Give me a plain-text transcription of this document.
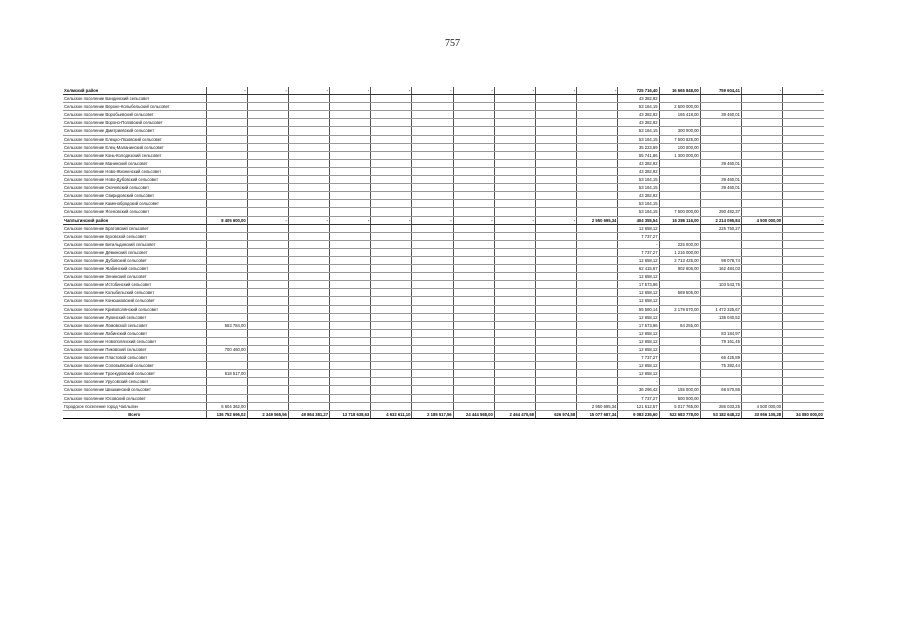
757
Холмский район	-	-	-	-	-	-	-	-	-	-	725 716,40	16 665 848,00	759 604,41	-	-
Сельское поселение Бандинский сельсовет											43 382,92				
Сельское поселение Верхне-Колыбельский сельсовет											53 164,15	2 500 000,00			
Сельское поселение Воробьевский сельсовет											43 382,92	165 418,00	39 460,01		
Сельское поселение Вороно-Поповский сельсовет											43 382,92				
Сельское поселение Дмитриевский сельсовет											53 164,15	300 000,00			
Сельское поселение Елецко-Лозовский сельсовет											53 164,15	7 500 625,00			
Сельское поселение Елец-Маланинский сельсовет											35 223,69	100 000,00			
Сельское поселение Конь-Колодезский сельсовет											55 741,86	1 300 000,00			
Сельское поселение Манинский сельсовет											43 382,92		39 460,01		
Сельское поселение Ново-Жизненский сельсовет											43 382,92				
Сельское поселение Ново-Дубовский сельсовет											53 164,15		39 460,01		
Сельское поселение Охочевский сельсовет											53 164,15		39 460,01		
Сельское поселение Свиридовский сельсовет											43 382,92				
Сельское поселение Каменобродский сельсовет											53 164,15				
Сельское поселение Ясеновский сельсовет											53 164,15	7 500 000,00	290 482,37		
Чаплыгинский район	8 405 600,00	-	-	-	-	-	-	-	-	2 950 695,34	404 355,54	16 286 116,00	2 214 095,84	4 500 000,00	-
Сельское поселение Братовский сельсовет											12 658,12		225 750,27		
Сельское поселение Буховской сельсовет											7 737,27				
Сельское поселение Бигильдинский сельсовет											-	225 000,00			
Сельское поселение Дёминский сельсовет											7 737,27	1 216 000,00			
Сельское поселение Дубовский сельсовет											12 658,12	2 713 425,00	98 078,74		
Сельское поселение Жабинский сельсовет											62 415,67	902 606,00	162 484,03		
Сельское поселение Зенинский сельсовет											12 658,12				
Сельское поселение Истобинский сельсовет											17 573,96		103 543,75		
Сельское поселение Колыбельский сельсовет											12 658,12	569 505,00			
Сельское поселение Конюшковский сельсовет											12 658,12				
Сельское поселение Кривополянский сельсовет											55 560,14	2 179 570,00	1 472 325,67		
Сельское поселение Лукинский сельсовет											12 658,12		136 040,52		
Сельское поселение Ломовской сельсовет	553 784,00										17 573,96	84 255,00			
Сельское поселение Лабинский сельсовет											12 658,12		83 184,97		
Сельское поселение Новополянский сельсовет											12 658,12		79 161,45		
Сельское поселение Пиковский сельсовет	700 460,00										12 658,12				
Сельское поселение Пластовой сельсовет											7 737,27		66 425,89		
Сельское поселение Соловьёвский сельсовет											12 658,12		75 382,44		
Сельское поселение Троекуровский сельсовет	618 517,00										12 658,12				
Сельское поселение Урусовский сельсовет											-				
Сельское поселение Шишкинский сельсовет											36 296,42	155 000,00	68 570,86		
Сельское поселение Юсовский сельсовет											7 737,27	500 000,00			
Городское поселение город Чаплыгин	6 604 362,00									2 950 695,34	121 612,57	5 017 765,00	286 033,25	4 500 000,00	
Всего	136 752 696,02	2 349 565,56	49 864 381,27	13 718 638,63	4 632 611,10	2 185 517,56	24 444 568,00	2 464 470,68	626 974,58	15 077 687,34	9 083 235,60	522 683 778,00	53 182 648,22	33 956 105,28	34 080 000,00
